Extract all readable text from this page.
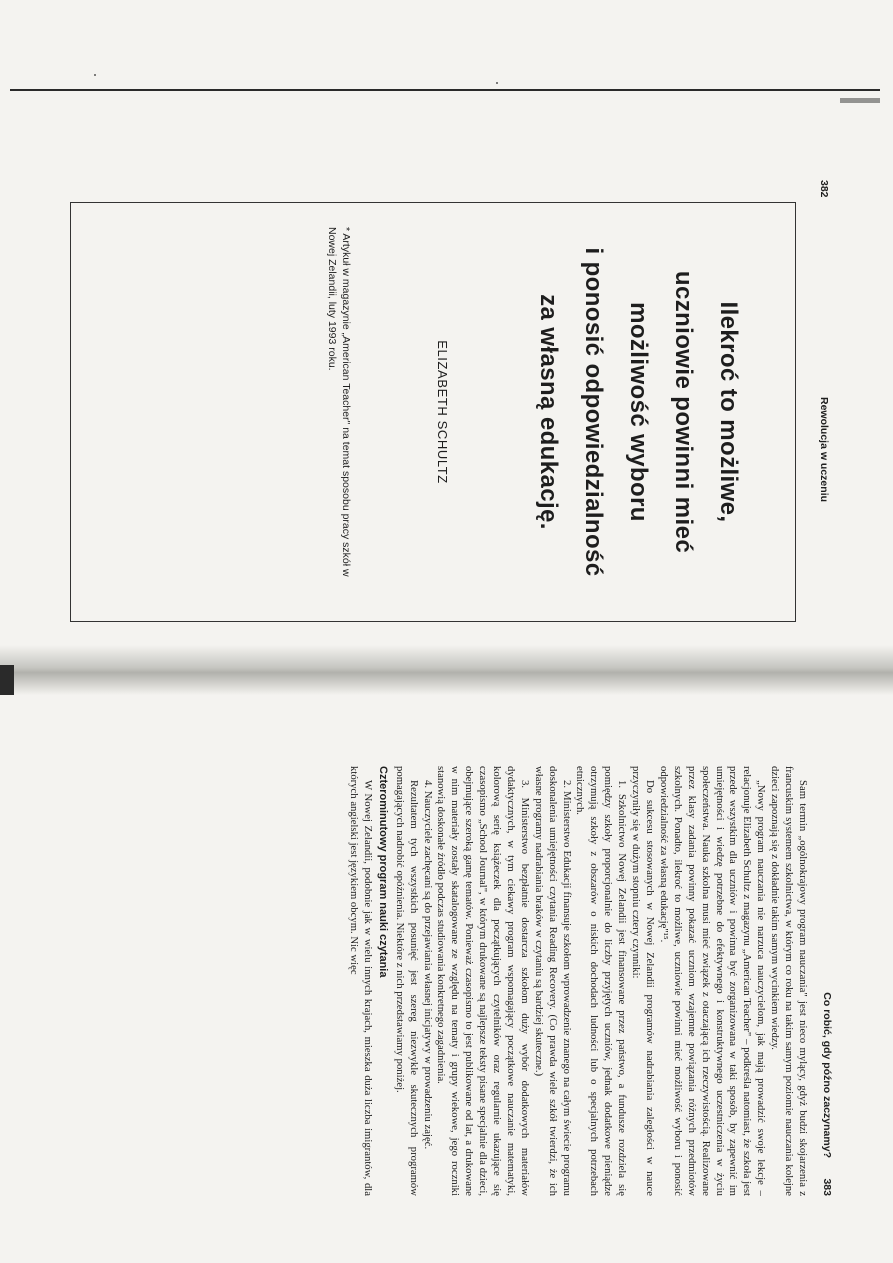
382
Rewolucja w uczeniu
Ilekroć to możliwe,
uczniowie powinni mieć
możliwość wyboru
i ponosić odpowiedzialność
za własną edukację.
ELIZABETH SCHULTZ
* Artykuł w magazynie „American Teacher" na temat sposobu pracy szkół w Nowej Zelandii, luty 1993 roku.
Co robić, gdy późno zaczynamy?
383

Sam termin „ogólnokrajowy program nauczania" jest nieco mylący, gdyż budzi skojarzenia z francuskim systemem szkolnictwa, w którym co roku na takim samym poziomie nauczania kolejne dzieci zapoznają się z dokładnie takim samym wycinkiem wiedzy.

„Nowy program nauczania nie narzuca nauczycielom, jak mają prowadzić swoje lekcje – relacjonuje Elizabeth Schultz z magazynu „American Teacher" – podkreśla natomiast, że szkoła jest przede wszystkim dla uczniów i powinna być zorganizowana w taki sposób, by zapewnić im umiejętności i wiedzę potrzebne do efektywnego i konstruktywnego uczestniczenia w życiu społeczeństwa. Nauka szkolna musi mieć związek z otaczającą ich rzeczywistością. Realizowane przez klasy zadania powinny pokazać uczniom wzajemne powiązania różnych przedmiotów szkolnych. Ponadto, ilekroć to możliwe, uczniowie powinni mieć możliwość wyboru i ponosić odpowiedzialność za własną edukację"¹⁵.

Do sukcesu stosowanych w Nowej Zelandii programów nadrabiania zaległości w nauce przyczyniły się w dużym stopniu cztery czynniki:

1. Szkolnictwo Nowej Zelandii jest finansowane przez państwo, a fundusze rozdziela się pomiędzy szkoły proporcjonalnie do liczby przyjętych uczniów, jednak dodatkowe pieniądze otrzymują szkoły z obszarów o niskich dochodach ludności lub o specjalnych potrzebach etnicznych.

2. Ministerstwo Edukacji finansuje szkołom wprowadzenie znanego na całym świecie programu doskonalenia umiejętności czytania Reading Recovery. (Co prawda wiele szkół twierdzi, że ich własne programy nadrabiania braków w czytaniu są bardziej skuteczne.)

3. Ministerstwo bezpłatnie dostarcza szkołom duży wybór dodatkowych materiałów dydaktycznych, w tym ciekawy program wspomagający początkowe nauczanie matematyki, kolorową serię książeczek dla początkujących czytelników oraz regularnie ukazujące się czasopismo „School Journal", w którym drukowane są najlepsze teksty pisane specjalnie dla dzieci, obejmujące szeroką gamę tematów. Ponieważ czasopismo to jest publikowane od lat, a drukowane w nim materiały zostały skatalogowane ze względu na tematy i grupy wiekowe, jego roczniki stanowią doskonałe źródło podczas studiowania konkretnego zagadnienia.

4. Nauczyciele zachęcani są do przejawiania własnej inicjatywy w prowadzeniu zajęć.

Rezultatem tych wszystkich posunięć jest szereg niezwykle skutecznych programów pomagających nadrobić opóźnienia. Niektóre z nich przedstawiamy poniżej.

Czterominutowy program nauki czytania

W Nowej Zelandii, podobnie jak w wielu innych krajach, mieszka duża liczba imigrantów, dla których angielski jest językiem obcym. Nic więc
